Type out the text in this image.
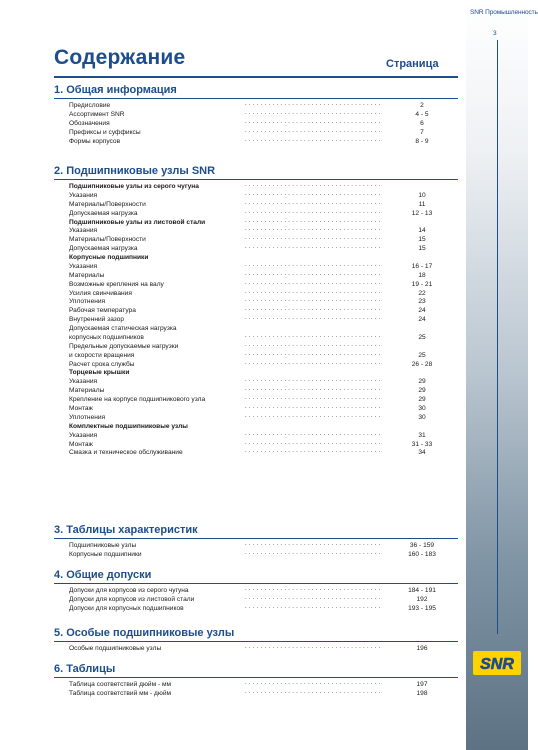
SNR Промышленность
3
SNR
Содержание	Страница
1. Общая информация
Предисловие	. . . . . . . . . . . . . . . . . . . . . . . . . . . . . . . . . . .	2
Ассортимент SNR	. . . . . . . . . . . . . . . . . . . . . . . . . . . . . . . . . . .	4 - 5
Обозначения	. . . . . . . . . . . . . . . . . . . . . . . . . . . . . . . . . . .	6
Префиксы и суффиксы	. . . . . . . . . . . . . . . . . . . . . . . . . . . . . . . . . . .	7
Формы корпусов	. . . . . . . . . . . . . . . . . . . . . . . . . . . . . . . . . . .	8 - 9
2. Подшипниковые узлы SNR
Подшипниковые узлы из серого чугуна	. . . . . . . . . . . . . . . . . . . . . . . . . . . . . . . . . . .
Указания	. . . . . . . . . . . . . . . . . . . . . . . . . . . . . . . . . . .	10
Материалы/Поверхности	. . . . . . . . . . . . . . . . . . . . . . . . . . . . . . . . . . .	11
Допускаемая нагрузка	. . . . . . . . . . . . . . . . . . . . . . . . . . . . . . . . . . .	12 - 13
Подшипниковые узлы из листовой стали	. . . . . . . . . . . . . . . . . . . . . . . . . . . . . . . . . . .
Указания	. . . . . . . . . . . . . . . . . . . . . . . . . . . . . . . . . . .	14
Материалы/Поверхности	. . . . . . . . . . . . . . . . . . . . . . . . . . . . . . . . . . .	15
Допускаемая нагрузка	. . . . . . . . . . . . . . . . . . . . . . . . . . . . . . . . . . .	15
Корпусные подшипники
Указания	. . . . . . . . . . . . . . . . . . . . . . . . . . . . . . . . . . .	16 - 17
Материалы	. . . . . . . . . . . . . . . . . . . . . . . . . . . . . . . . . . .	18
Возможные крепления на валу	. . . . . . . . . . . . . . . . . . . . . . . . . . . . . . . . . . .	19 - 21
Усилия свинчивания	. . . . . . . . . . . . . . . . . . . . . . . . . . . . . . . . . . .	22
Уплотнения	. . . . . . . . . . . . . . . . . . . . . . . . . . . . . . . . . . .	23
Рабочая температура	. . . . . . . . . . . . . . . . . . . . . . . . . . . . . . . . . . .	24
Внутренний зазор	. . . . . . . . . . . . . . . . . . . . . . . . . . . . . . . . . . .	24
Допускаемая статическая нагрузка
корпусных подшипников	. . . . . . . . . . . . . . . . . . . . . . . . . . . . . . . . . . .	25
Предельные допускаемые нагрузки	. . . . . . . . . . . . . . . . . . . . . . . . . . . . . . . . . . .
и скорости вращения	. . . . . . . . . . . . . . . . . . . . . . . . . . . . . . . . . . .	25
Расчет срока службы	. . . . . . . . . . . . . . . . . . . . . . . . . . . . . . . . . . .	26 - 28
Торцевые крышки
Указания	. . . . . . . . . . . . . . . . . . . . . . . . . . . . . . . . . . .	29
Материалы	. . . . . . . . . . . . . . . . . . . . . . . . . . . . . . . . . . .	29
Крепление на корпусе подшипникового узла	. . . . . . . . . . . . . . . . . . . . . . . . . . . . . . . . . . .	29
Монтаж	. . . . . . . . . . . . . . . . . . . . . . . . . . . . . . . . . . .	30
Уплотнения	. . . . . . . . . . . . . . . . . . . . . . . . . . . . . . . . . . .	30
Комплектные подшипниковые узлы
Указания	. . . . . . . . . . . . . . . . . . . . . . . . . . . . . . . . . . .	31
Монтаж	. . . . . . . . . . . . . . . . . . . . . . . . . . . . . . . . . . .	31 - 33
Смазка и техническое обслуживание	. . . . . . . . . . . . . . . . . . . . . . . . . . . . . . . . . . .	34
3. Таблицы характеристик
Подшипниковые узлы	. . . . . . . . . . . . . . . . . . . . . . . . . . . . . . . . . . .	36 - 159
Корпусные подшипники	. . . . . . . . . . . . . . . . . . . . . . . . . . . . . . . . . . .	160 - 183
4. Общие допуски
Допуски для корпусов из серого чугуна	. . . . . . . . . . . . . . . . . . . . . . . . . . . . . . . . . . .	184 - 191
Допуски для корпусов из листовой стали	. . . . . . . . . . . . . . . . . . . . . . . . . . . . . . . . . . .	192
Допуски для корпусных подшипников	. . . . . . . . . . . . . . . . . . . . . . . . . . . . . . . . . . .	193 - 195
5. Особые подшипниковые узлы
Особые подшипниковые узлы	. . . . . . . . . . . . . . . . . . . . . . . . . . . . . . . . . . .	196
6. Таблицы
Таблица соответствий дюйм - мм	. . . . . . . . . . . . . . . . . . . . . . . . . . . . . . . . . . .	197
Таблица соответствий мм - дюйм	. . . . . . . . . . . . . . . . . . . . . . . . . . . . . . . . . . .	198
